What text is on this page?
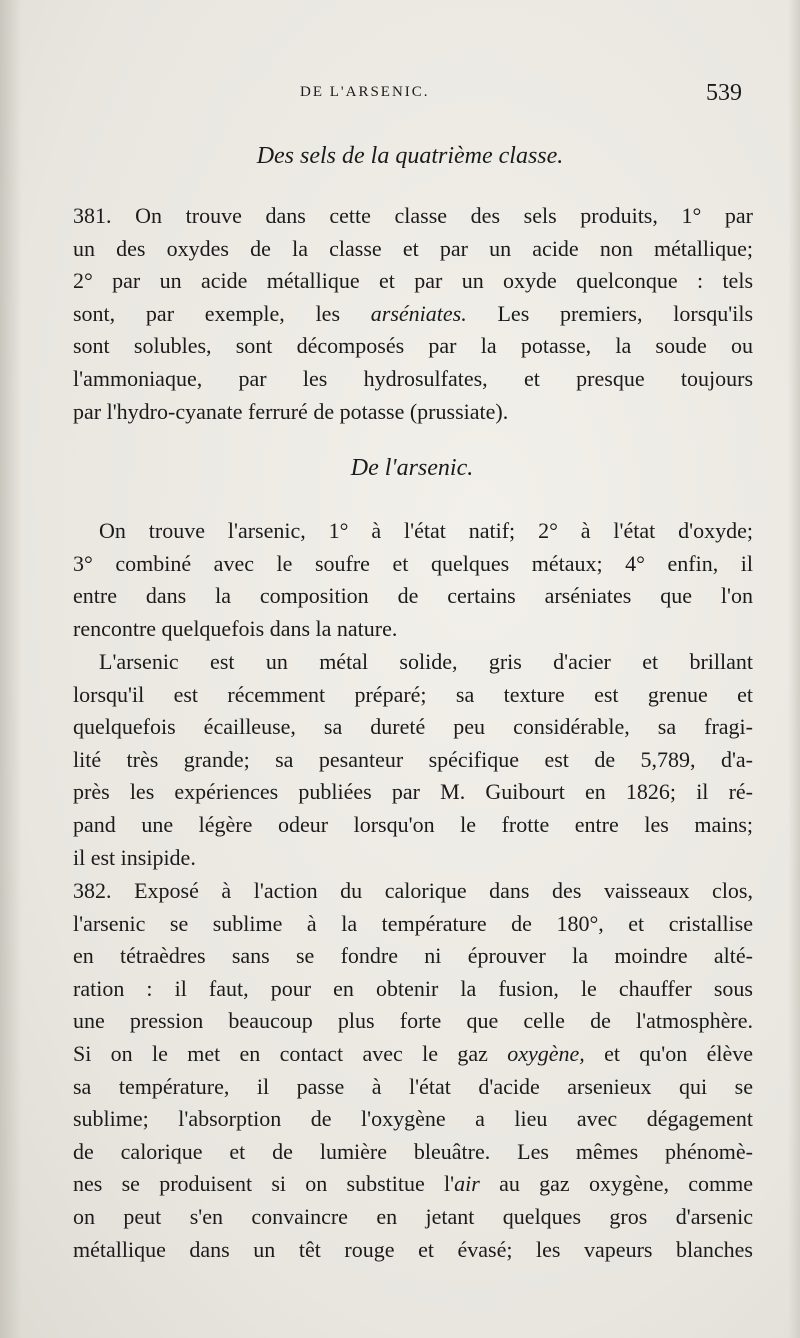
DE L'ARSENIC.	539
Des sels de la quatrième classe.
381. On trouve dans cette classe des sels produits, 1° par
un des oxydes de la classe et par un acide non métallique;
2° par un acide métallique et par un oxyde quelconque : tels
sont, par exemple, les arséniates. Les premiers, lorsqu'ils
sont solubles, sont décomposés par la potasse, la soude ou
l'ammoniaque, par les hydrosulfates, et presque toujours
par l'hydro-cyanate ferruré de potasse (prussiate).
De l'arsenic.
On trouve l'arsenic, 1° à l'état natif; 2° à l'état d'oxyde;
3° combiné avec le soufre et quelques métaux; 4° enfin, il
entre dans la composition de certains arséniates que l'on
rencontre quelquefois dans la nature.
L'arsenic est un métal solide, gris d'acier et brillant
lorsqu'il est récemment préparé; sa texture est grenue et
quelquefois écailleuse, sa dureté peu considérable, sa fragi-
lité très grande; sa pesanteur spécifique est de 5,789, d'a-
près les expériences publiées par M. Guibourt en 1826; il ré-
pand une légère odeur lorsqu'on le frotte entre les mains;
il est insipide.
382. Exposé à l'action du calorique dans des vaisseaux clos,
l'arsenic se sublime à la température de 180°, et cristallise
en tétraèdres sans se fondre ni éprouver la moindre alté-
ration : il faut, pour en obtenir la fusion, le chauffer sous
une pression beaucoup plus forte que celle de l'atmosphère.
Si on le met en contact avec le gaz oxygène, et qu'on élève
sa température, il passe à l'état d'acide arsenieux qui se
sublime; l'absorption de l'oxygène a lieu avec dégagement
de calorique et de lumière bleuâtre. Les mêmes phénomè-
nes se produisent si on substitue l'air au gaz oxygène, comme
on peut s'en convaincre en jetant quelques gros d'arsenic
métallique dans un têt rouge et évasé; les vapeurs blanches
